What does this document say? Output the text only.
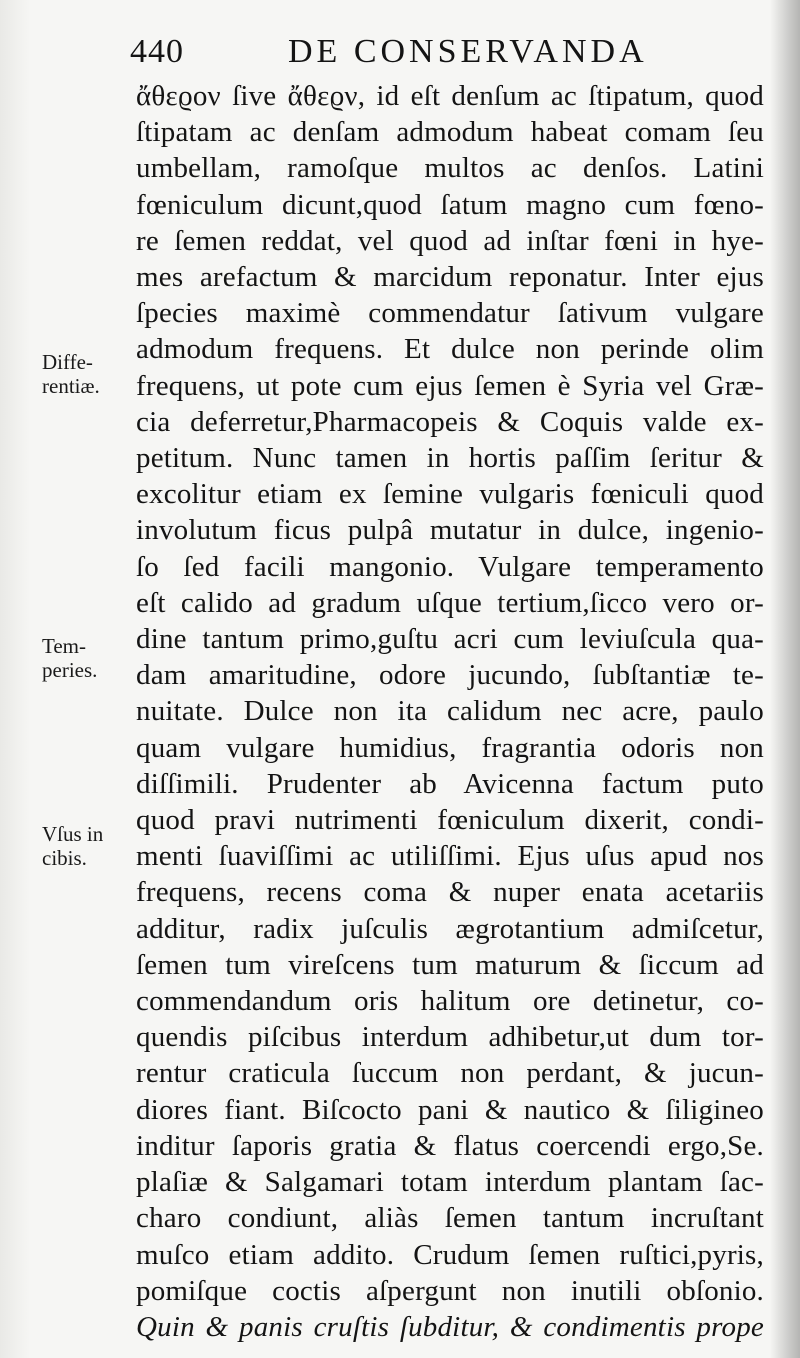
440	DE CONSERVANDA
Diffe-
rentiæ.
Tem-
peries.
Vſus in
cibis.
ἄθεϱον ſive ἄθεϱν, id eſt denſum ac ſtipatum, quod
ſtipatam ac denſam admodum habeat comam ſeu
umbellam, ramoſque multos ac denſos. Latini
fœniculum dicunt,quod ſatum magno cum fœno-
re ſemen reddat, vel quod ad inſtar fœni in hye-
mes arefactum & marcidum reponatur. Inter ejus
ſpecies maximè commendatur ſativum vulgare
admodum frequens. Et dulce non perinde olim
frequens, ut pote cum ejus ſemen è Syria vel Græ-
cia deferretur,Pharmacopeis & Coquis valde ex-
petitum. Nunc tamen in hortis paſſim ſeritur &
excolitur etiam ex ſemine vulgaris fœniculi quod
involutum ficus pulpâ mutatur in dulce, ingenio-
ſo ſed facili mangonio. Vulgare temperamento
eſt calido ad gradum uſque tertium,ſicco vero or-
dine tantum primo,guſtu acri cum leviuſcula qua-
dam amaritudine, odore jucundo, ſubſtantiæ te-
nuitate. Dulce non ita calidum nec acre, paulo
quam vulgare humidius, fragrantia odoris non
diſſimili. Prudenter ab Avicenna factum puto
quod pravi nutrimenti fœniculum dixerit, condi-
menti ſuaviſſimi ac utiliſſimi. Ejus uſus apud nos
frequens, recens coma & nuper enata acetariis
additur, radix juſculis ægrotantium admiſcetur,
ſemen tum vireſcens tum maturum & ſiccum ad
commendandum oris halitum ore detinetur, co-
quendis piſcibus interdum adhibetur,ut dum tor-
rentur craticula ſuccum non perdant, & jucun-
diores fiant. Biſcocto pani & nautico & ſiligineo
inditur ſaporis gratia & flatus coercendi ergo,Se.
plaſiæ & Salgamari totam interdum plantam ſac-
charo condiunt, aliàs ſemen tantum incruſtant
muſco etiam addito. Crudum ſemen ruſtici,pyris,
pomiſque coctis aſpergunt non inutili obſonio.
Quin & panis cruſtis ſubditur, & condimentis prope
